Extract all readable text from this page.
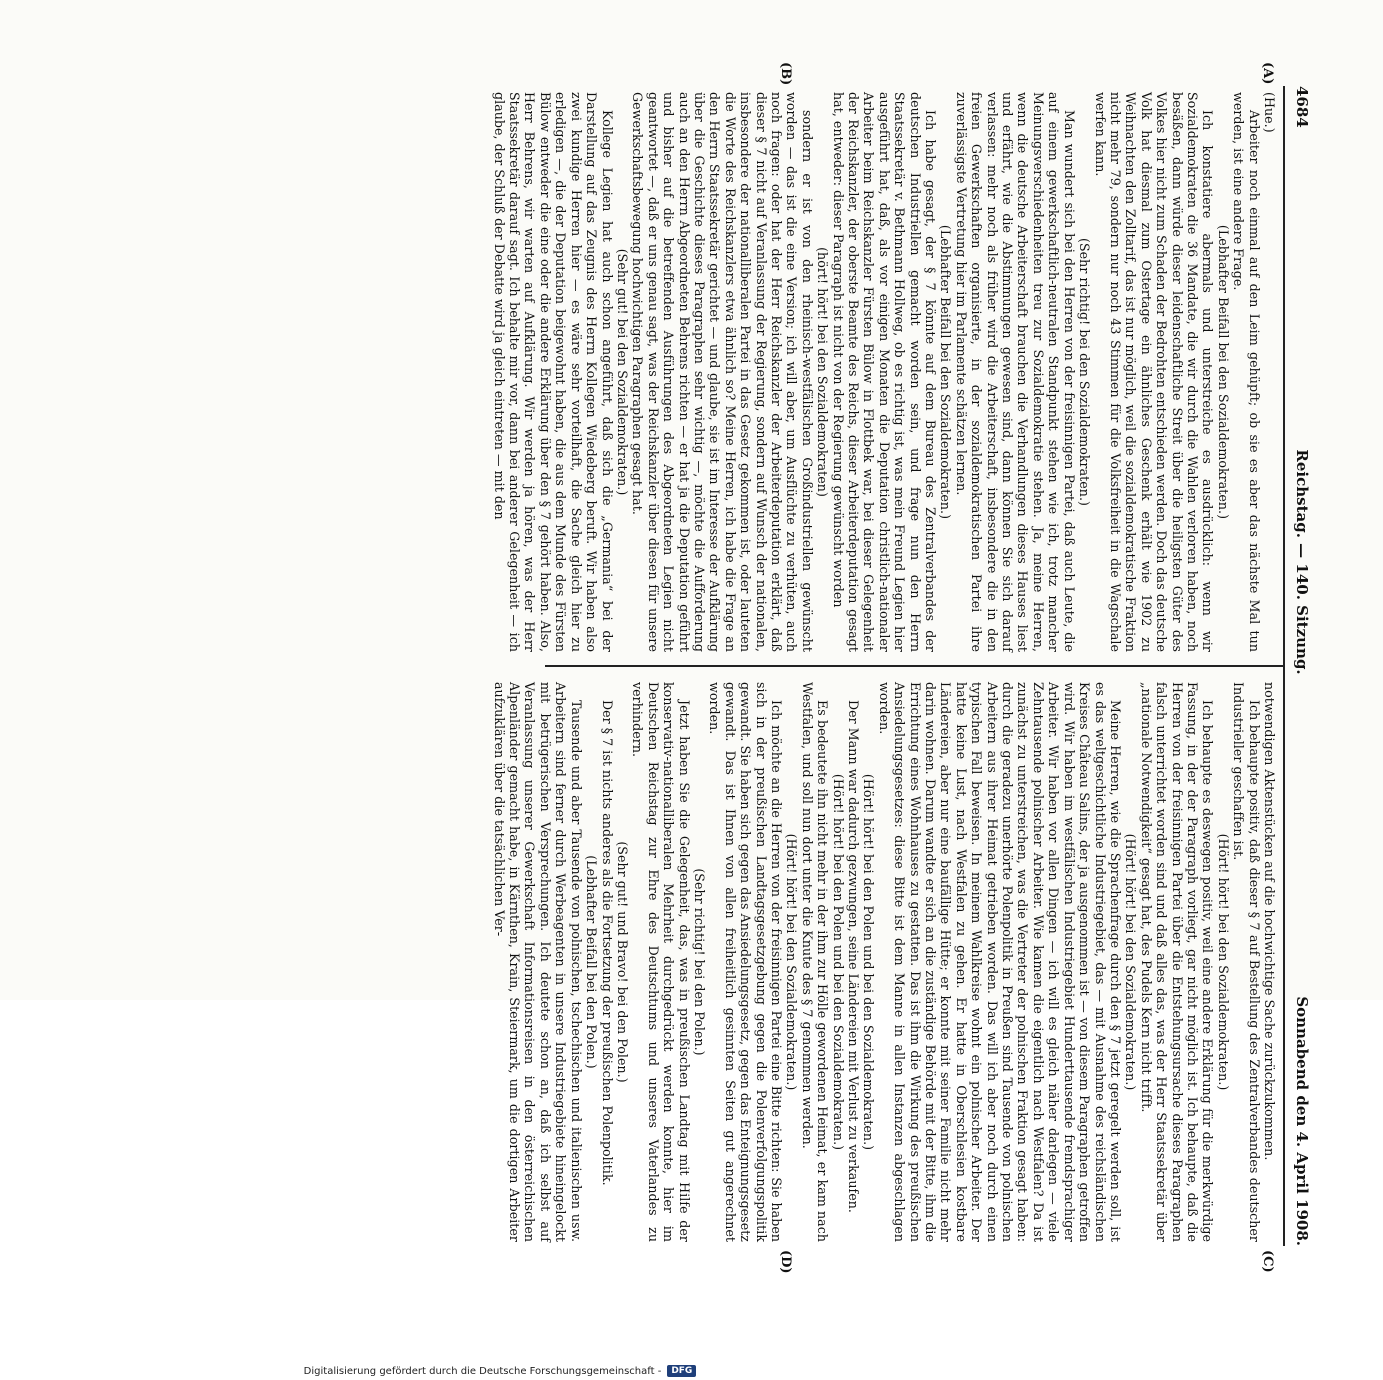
4684
Reichstag. — 140. Sitzung.
Sonnabend den 4. April 1908.
(A)
(B)
(C)
(D)

(Hue.)

Arbeiter noch einmal auf den Leim gehüpft; ob sie es aber das nächste Mal tun werden, ist eine andere Frage.

(Lebhafter Beifall bei den Sozialdemokraten.)

Ich konstatiere abermals und unterstreiche es ausdrücklich: wenn wir Sozialdemokraten die 36 Mandate, die wir durch die Wahlen verloren haben, noch besäßen, dann würde dieser leidenschaftliche Streit über die heiligsten Güter des Volkes hier nicht zum Schaden der Bedrohten entschieden werden. Doch das deutsche Volk hat diesmal zum Ostertage ein ähnliches Geschenk erhält wie 1902 zu Weihnachten den Zolltarif, das ist nur möglich, weil die sozialdemokratische Fraktion nicht mehr 79, sondern nur noch 43 Stimmen für die Volksfreiheit in die Wagschale werfen kann.

(Sehr richtig! bei den Sozialdemokraten.)

Man wundert sich bei den Herren von der freisinnigen Partei, daß auch Leute, die auf einem gewerkschaftlich-neutralen Standpunkt stehen wie ich, trotz mancher Meinungsverschiedenheiten treu zur Sozialdemokratie stehen. Ja, meine Herren, wenn die deutsche Arbeiterschaft brauchen die Verhandlungen dieses Hauses liest und erfährt, wie die Abstimmungen gewesen sind, dann können Sie sich darauf verlassen: mehr noch als früher wird die Arbeiterschaft, insbesondere die in den freien Gewerkschaften organisierte, in der sozialdemokratischen Partei ihre zuverlässigste Vertretung hier im Parlamente schätzen lernen.

(Lebhafter Beifall bei den Sozialdemokraten.)

Ich habe gesagt, der § 7 könnte auf dem Bureau des Zentralverbandes der deutschen Industriellen gemacht worden sein, und frage nun den Herrn Staatssekretär v. Bethmann Hollweg, ob es richtig ist, was mein Freund Legien hier ausgeführt hat, daß, als vor einigen Monaten die Deputation christlich-nationaler Arbeiter beim Reichskanzler Fürsten Bülow in Flottbek war, bei dieser Gelegenheit der Reichskanzler, der oberste Beamte des Reichs, dieser Arbeiterdeputation gesagt hat, entweder: dieser Paragraph ist nicht von der Regierung gewünscht worden

(hört! hört! bei den Sozialdemokraten)

sondern er ist von den rheinisch-westfälischen Großindustriellen gewünscht worden — das ist die eine Version; ich will aber, um Ausflüchte zu verhüten, auch noch fragen: oder hat der Herr Reichskanzler der Arbeiterdeputation erklärt, daß dieser § 7 nicht auf Veranlassung der Regierung, sondern auf Wunsch der nationalen, insbesondere der nationalliberalen Partei in das Gesetz gekommen ist, oder lauteten die Worte des Reichskanzlers etwa ähnlich so? Meine Herren, ich habe die Frage an den Herrn Staatssekretär gerichtet — und glaube, sie ist im Interesse der Aufklärung über die Geschichte dieses Paragraphen sehr wichtig —, möchte die Aufforderung auch an den Herrn Abgeordneten Behrens richten — er hat ja die Deputation geführt und bisher auf die betreffenden Ausführungen des Abgeordneten Legien nicht geantwortet —, daß er uns genau sagt, was der Reichskanzler über diesen für unsere Gewerkschaftsbewegung hochwichtigen Paragraphen gesagt hat.

(Sehr gut! bei den Sozialdemokraten.)

Kollege Legien hat auch schon angeführt, daß sich die „Germania“ bei der Darstellung auf das Zeugnis des Herrn Kollegen Wiedeberg beruft. Wir haben also zwei kundige Herren hier — es wäre sehr vorteilhaft, die Sache gleich hier zu erledigen —, die der Deputation beigewohnt haben, die aus dem Munde des Fürsten Bülow entweder die eine oder die andere Erklärung über den § 7 gehört haben. Also, Herr Behrens, wir warten auf Aufklärung. Wir werden ja hören, was der Herr Staatssekretär darauf sagt. Ich behalte mir vor, dann bei anderer Gelegenheit — ich glaube, der Schluß der Debatte wird ja gleich eintreten — mit den

notwendigen Aktenstücken auf die hochwichtige Sache zurückzukommen.

Ich behaupte positiv, daß dieser § 7 auf Bestellung des Zentralverbandes deutscher Industrieller geschaffen ist.

(Hört! hört! bei den Sozialdemokraten.)

Ich behaupte es deswegen positiv, weil eine andere Erklärung für die merkwürdige Fassung, in der der Paragraph vorliegt, gar nicht möglich ist. Ich behaupte, daß die Herren von der freisinnigen Partei über die Entstehungsursache dieses Paragraphen falsch unterrichtet worden sind und daß alles das, was der Herr Staatssekretär über „nationale Notwendigkeit“ gesagt hat, des Pudels Kern nicht trifft.

(Hört! hört! bei den Sozialdemokraten.)

Meine Herren, wie die Sprachenfrage durch den § 7 jetzt geregelt werden soll, ist es das weltgeschichtliche Industriegebiet, das — mit Ausnahme des reichsländischen Kreises Château Salins, der ja ausgenommen ist — von diesem Paragraphen getroffen wird. Wir haben im westfälischen Industriegebiet Hunderttausende fremdsprachiger Arbeiter. Wir haben vor allen Dingen — ich will es gleich näher darlegen — viele Zehntausende polnischer Arbeiter. Wie kamen die eigentlich nach Westfalen? Da ist zunächst zu unterstreichen, was die Vertreter der polnischen Fraktion gesagt haben: durch die geradezu unerhörte Polenpolitik in Preußen sind Tausende von polnischen Arbeitern aus ihrer Heimat getrieben worden. Das will ich aber noch durch einen typischen Fall beweisen. In meinem Wahlkreise wohnt ein polnischer Arbeiter. Der hatte keine Lust, nach Westfalen zu gehen. Er hatte in Oberschlesien kostbare Ländereien, aber nur eine baufällige Hütte; er konnte mit seiner Familie nicht mehr darin wohnen. Darum wandte er sich an die zuständige Behörde mit der Bitte, ihm die Errichtung eines Wohnhauses zu gestatten. Das ist ihm die Wirkung des preußischen Ansiedelungsgesetzes: diese Bitte ist dem Manne in allen Instanzen abgeschlagen worden.

(Hört! hört! bei den Polen und bei den Sozialdemokraten.)

Der Mann war dadurch gezwungen, seine Ländereien mit Verlust zu verkaufen.

(Hört! hört! bei den Polen und bei den Sozialdemokraten.)

Es bedeutete ihn nicht mehr in der ihm zur Hölle gewordenen Heimat, er kam nach Westfalen, und soll nun dort unter die Knute des § 7 genommen werden.

(Hört! hört! bei den Sozialdemokraten.)

Ich möchte an die Herren von der freisinnigen Partei eine Bitte richten: Sie haben sich in der preußischen Landtagsgesetzgebung gegen die Polenverfolgungspolitik gewandt. Sie haben sich gegen das Ansiedelungsgesetz, gegen das Enteignungsgesetz gewandt. Das ist Ihnen von allen freiheitlich gesinnten Seiten gut angerechnet worden.

(Sehr richtig! bei den Polen.)

Jetzt haben Sie die Gelegenheit, das, was in preußischen Landtag mit Hilfe der konservativ-nationalliberalen Mehrheit durchgedrückt werden konnte, hier im Deutschen Reichstag zur Ehre des Deutschtums und unseres Vaterlandes zu verhindern.

(Sehr gut! und Bravo! bei den Polen.)

Der § 7 ist nichts anderes als die Fortsetzung der preußischen Polenpolitik.

(Lebhafter Beifall bei den Polen.)

Tausende und aber Tausende von polnischen, tschechischen und italienischen usw. Arbeitern sind ferner durch Werbeagenten in unsere Industriegebiete hineingelockt mit betrügerischen Versprechungen. Ich deutete schon an, daß ich selbst auf Veranlassung unserer Gewerkschaft Informationsreisen in den österreichischen Alpenländer gemacht habe, in Kärnthen, Krain, Steiermark, um die dortigen Arbeiter aufzuklären über die tatsächlichen Ver-

Digitalisierung gefördert durch die Deutsche Forschungsgemeinschaft -	DFG
